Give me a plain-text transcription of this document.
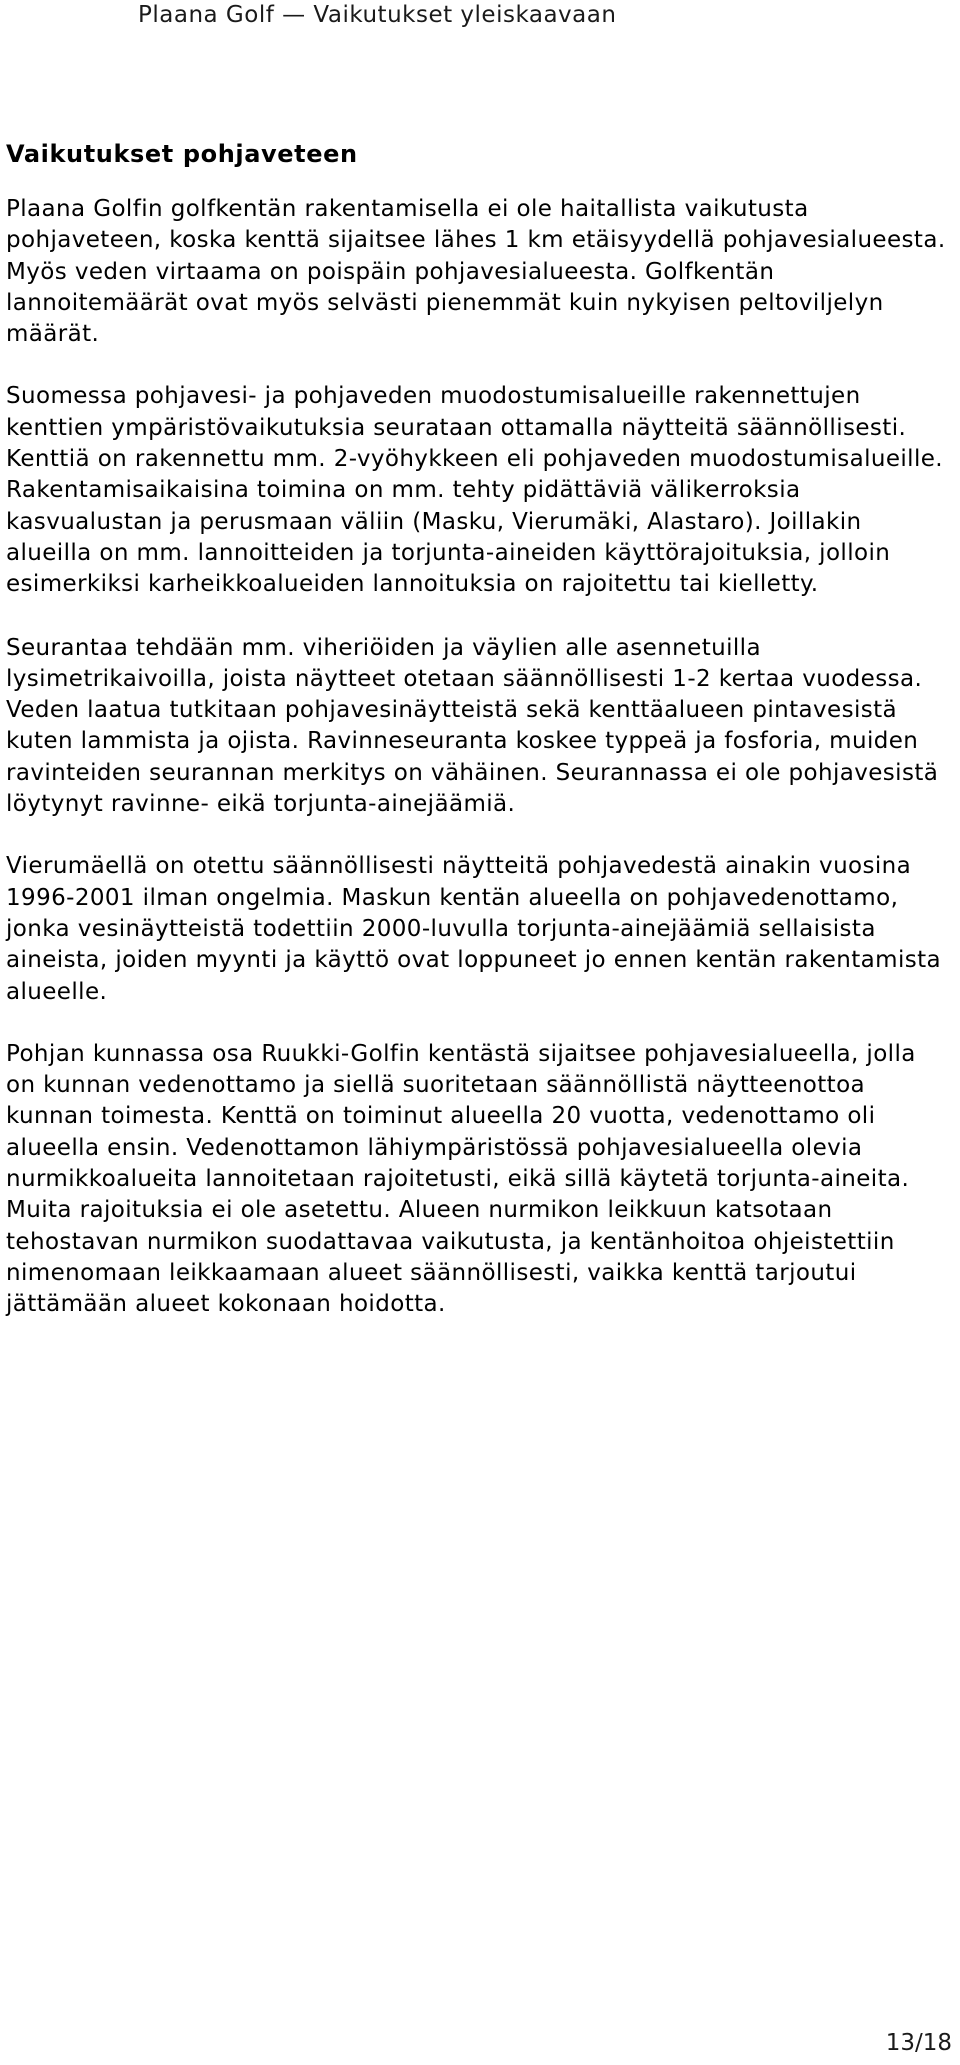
Plaana Golf — Vaikutukset yleiskaavaan
Vaikutukset pohjaveteen

Plaana Golfin golfkentän rakentamisella ei ole haitallista vaikutusta pohjaveteen, koska kenttä sijaitsee lähes 1 km etäisyydellä pohjavesialueesta. Myös veden virtaama on poispäin pohjavesialueesta. Golfkentän lannoitemäärät ovat myös selvästi pienemmät kuin nykyisen peltoviljelyn määrät.

Suomessa pohjavesi- ja pohjaveden muodostumisalueille rakennettujen kenttien ympäristövaikutuksia seurataan ottamalla näytteitä säännöllisesti. Kenttiä on rakennettu mm. 2-vyöhykkeen eli pohjaveden muodostumisalueille. Rakentamisaikaisina toimina on mm. tehty pidättäviä välikerroksia kasvualustan ja perusmaan väliin (Masku, Vierumäki, Alastaro). Joillakin alueilla on mm. lannoitteiden ja torjunta-aineiden käyttörajoituksia, jolloin esimerkiksi karheikkoalueiden lannoituksia on rajoitettu tai kielletty.

Seurantaa tehdään mm. viheriöiden ja väylien alle asennetuilla lysimetrikaivoilla, joista näytteet otetaan säännöllisesti 1-2 kertaa vuodessa. Veden laatua tutkitaan pohjavesinäytteistä sekä kenttäalueen pintavesistä kuten lammista ja ojista. Ravinneseuranta koskee typpeä ja fosforia, muiden ravinteiden seurannan merkitys on vähäinen. Seurannassa ei ole pohjavesistä löytynyt ravinne- eikä torjunta-ainejäämiä.

Vierumäellä on otettu säännöllisesti näytteitä pohjavedestä ainakin vuosina 1996-2001 ilman ongelmia. Maskun kentän alueella on pohjavedenottamo, jonka vesinäytteistä todettiin 2000-luvulla torjunta-ainejäämiä sellaisista aineista, joiden myynti ja käyttö ovat loppuneet jo ennen kentän rakentamista alueelle.

Pohjan kunnassa osa Ruukki-Golfin kentästä sijaitsee pohjavesialueella, jolla on kunnan vedenottamo ja siellä suoritetaan säännöllistä näytteenottoa kunnan toimesta. Kenttä on toiminut alueella 20 vuotta, vedenottamo oli alueella ensin. Vedenottamon lähiympäristössä pohjavesialueella olevia nurmikkoalueita lannoitetaan rajoitetusti, eikä sillä käytetä torjunta-aineita. Muita rajoituksia ei ole asetettu. Alueen nurmikon leikkuun katsotaan tehostavan nurmikon suodattavaa vaikutusta, ja kentänhoitoa ohjeistettiin nimenomaan leikkaamaan alueet säännöllisesti, vaikka kenttä tarjoutui jättämään alueet kokonaan hoidotta.

13/18
